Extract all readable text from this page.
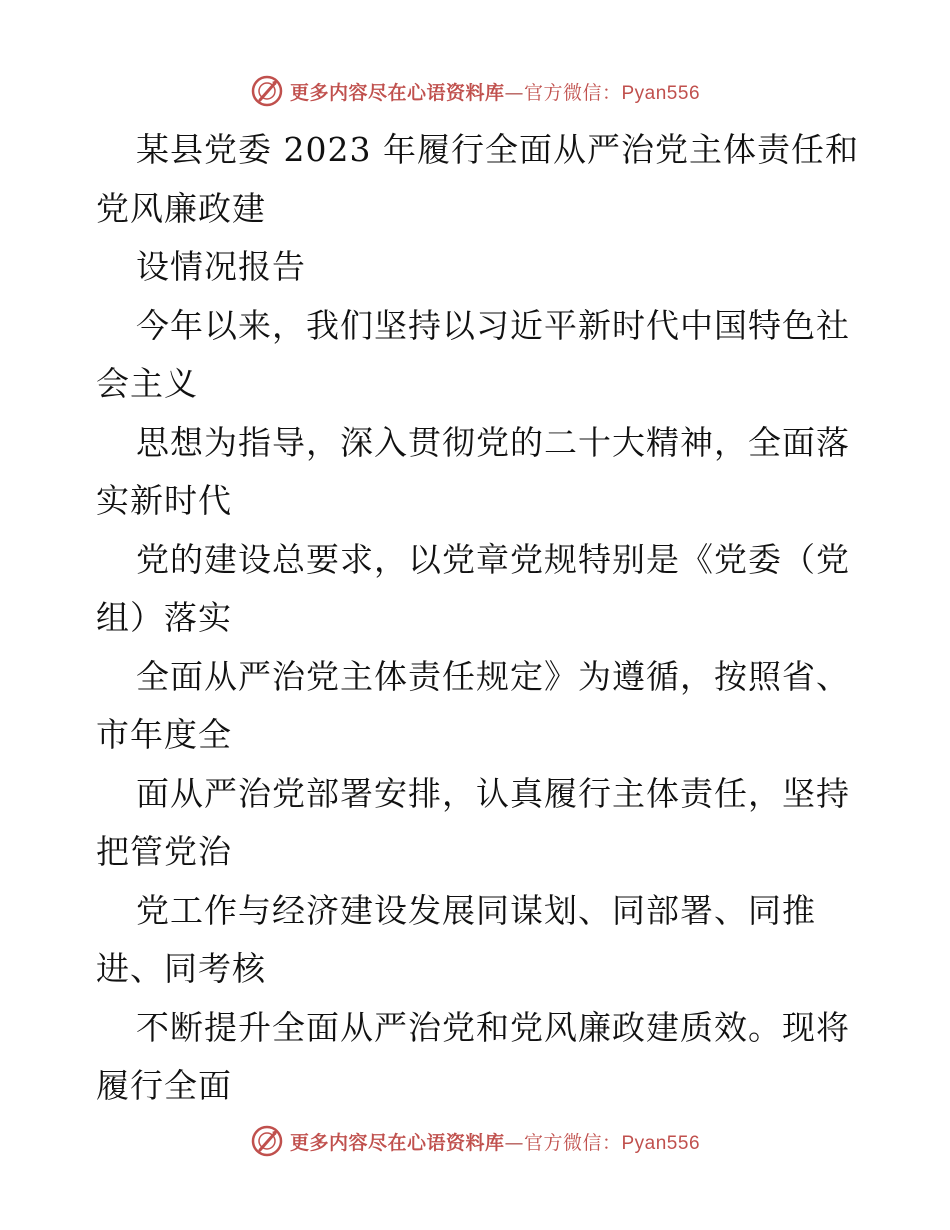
更多内容尽在心语资料库—官方微信：Pyan556
某县党委 2023 年履行全面从严治党主体责任和
党风廉政建
设情况报告
今年以来，我们坚持以习近平新时代中国特色社
会主义
思想为指导，深入贯彻党的二十大精神，全面落
实新时代
党的建设总要求，以党章党规特别是《党委（党
组）落实
全面从严治党主体责任规定》为遵循，按照省、
市年度全
面从严治党部署安排，认真履行主体责任，坚持
把管党治
党工作与经济建设发展同谋划、同部署、同推
进、同考核
不断提升全面从严治党和党风廉政建质效。现将
履行全面
更多内容尽在心语资料库—官方微信：Pyan556
